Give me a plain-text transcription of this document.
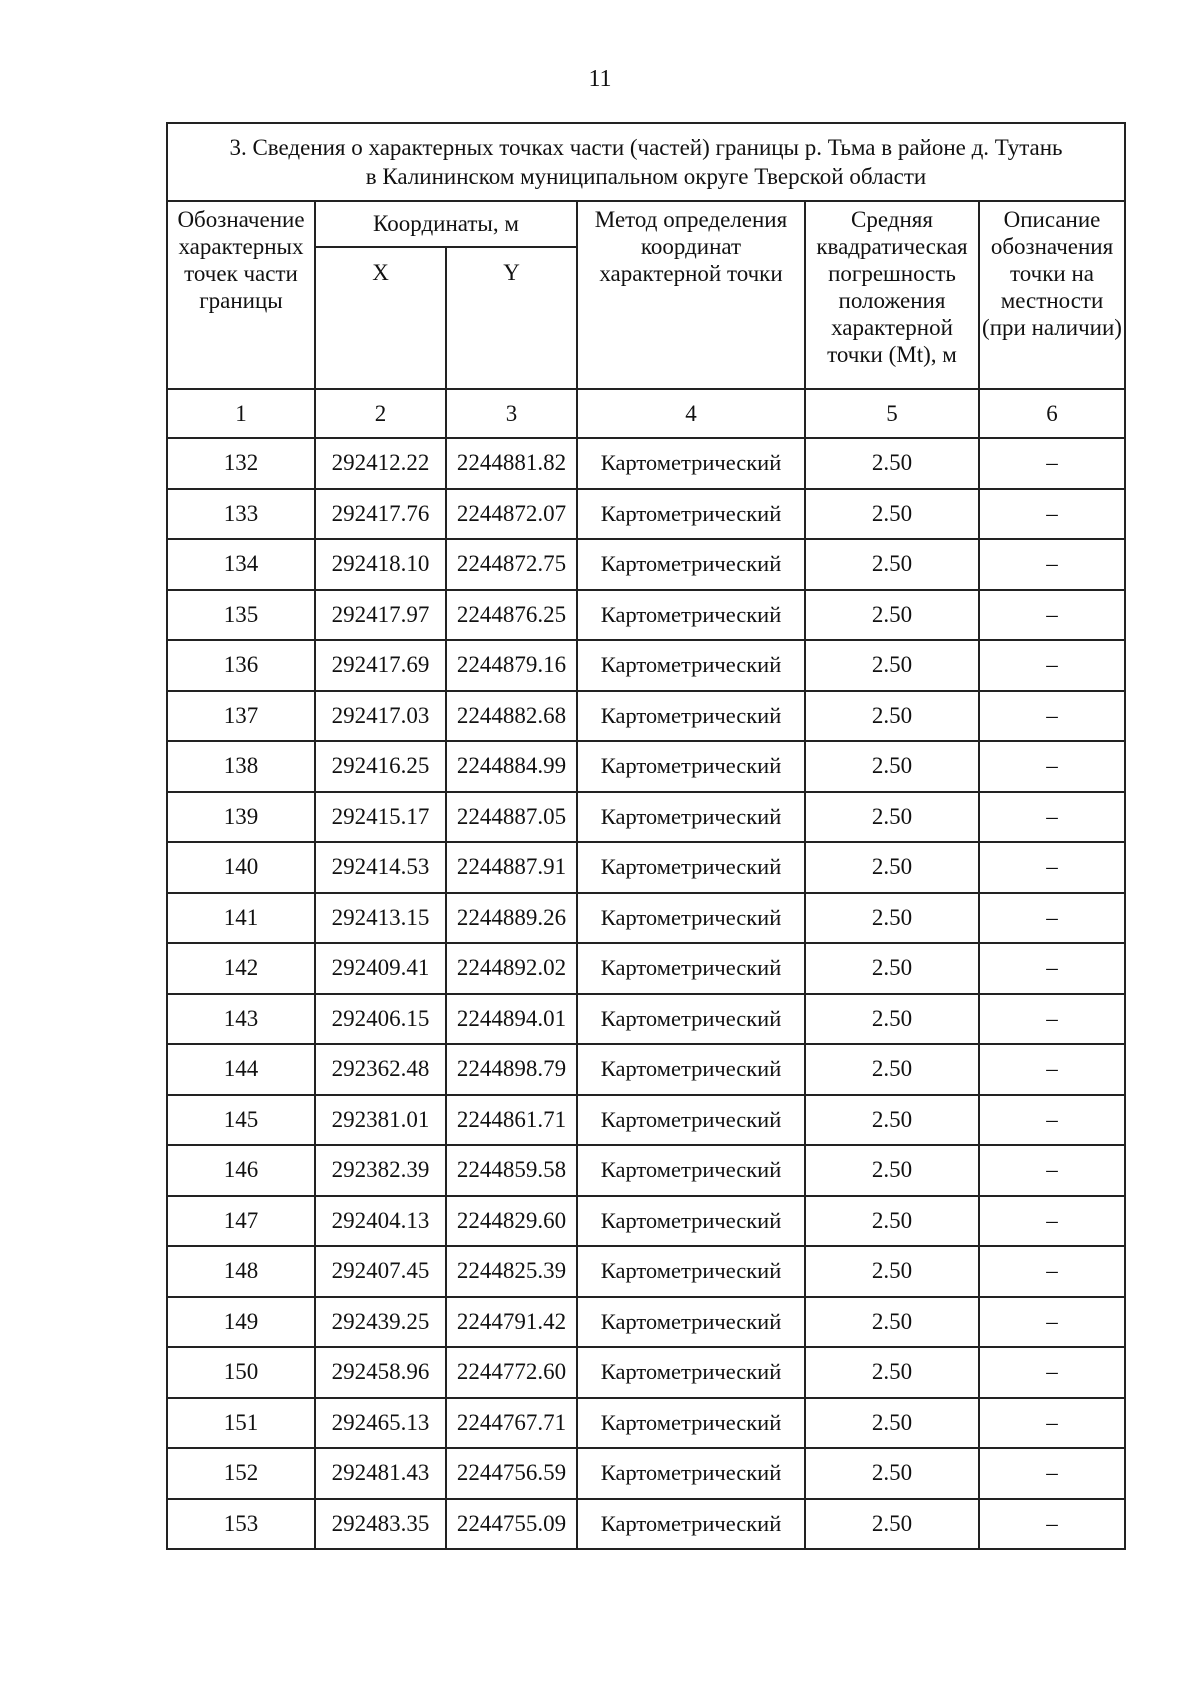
11
3. Сведения о характерных точках части (частей) границы р. Тьма в районе д. Тутань
в Калининском муниципальном округе Тверской области					

Обозначение характерных точек части границы	Координаты, м		Метод определения координат характерной точки	Средняя квадратическая погрешность положения характерной точки (Mt), м	Описание обозначения точки на местности (при наличии)
	X	Y			
1	2	3	4	5	6
132	292412.22	2244881.82	Картометрический	2.50	–
133	292417.76	2244872.07	Картометрический	2.50	–
134	292418.10	2244872.75	Картометрический	2.50	–
135	292417.97	2244876.25	Картометрический	2.50	–
136	292417.69	2244879.16	Картометрический	2.50	–
137	292417.03	2244882.68	Картометрический	2.50	–
138	292416.25	2244884.99	Картометрический	2.50	–
139	292415.17	2244887.05	Картометрический	2.50	–
140	292414.53	2244887.91	Картометрический	2.50	–
141	292413.15	2244889.26	Картометрический	2.50	–
142	292409.41	2244892.02	Картометрический	2.50	–
143	292406.15	2244894.01	Картометрический	2.50	–
144	292362.48	2244898.79	Картометрический	2.50	–
145	292381.01	2244861.71	Картометрический	2.50	–
146	292382.39	2244859.58	Картометрический	2.50	–
147	292404.13	2244829.60	Картометрический	2.50	–
148	292407.45	2244825.39	Картометрический	2.50	–
149	292439.25	2244791.42	Картометрический	2.50	–
150	292458.96	2244772.60	Картометрический	2.50	–
151	292465.13	2244767.71	Картометрический	2.50	–
152	292481.43	2244756.59	Картометрический	2.50	–
153	292483.35	2244755.09	Картометрический	2.50	–
